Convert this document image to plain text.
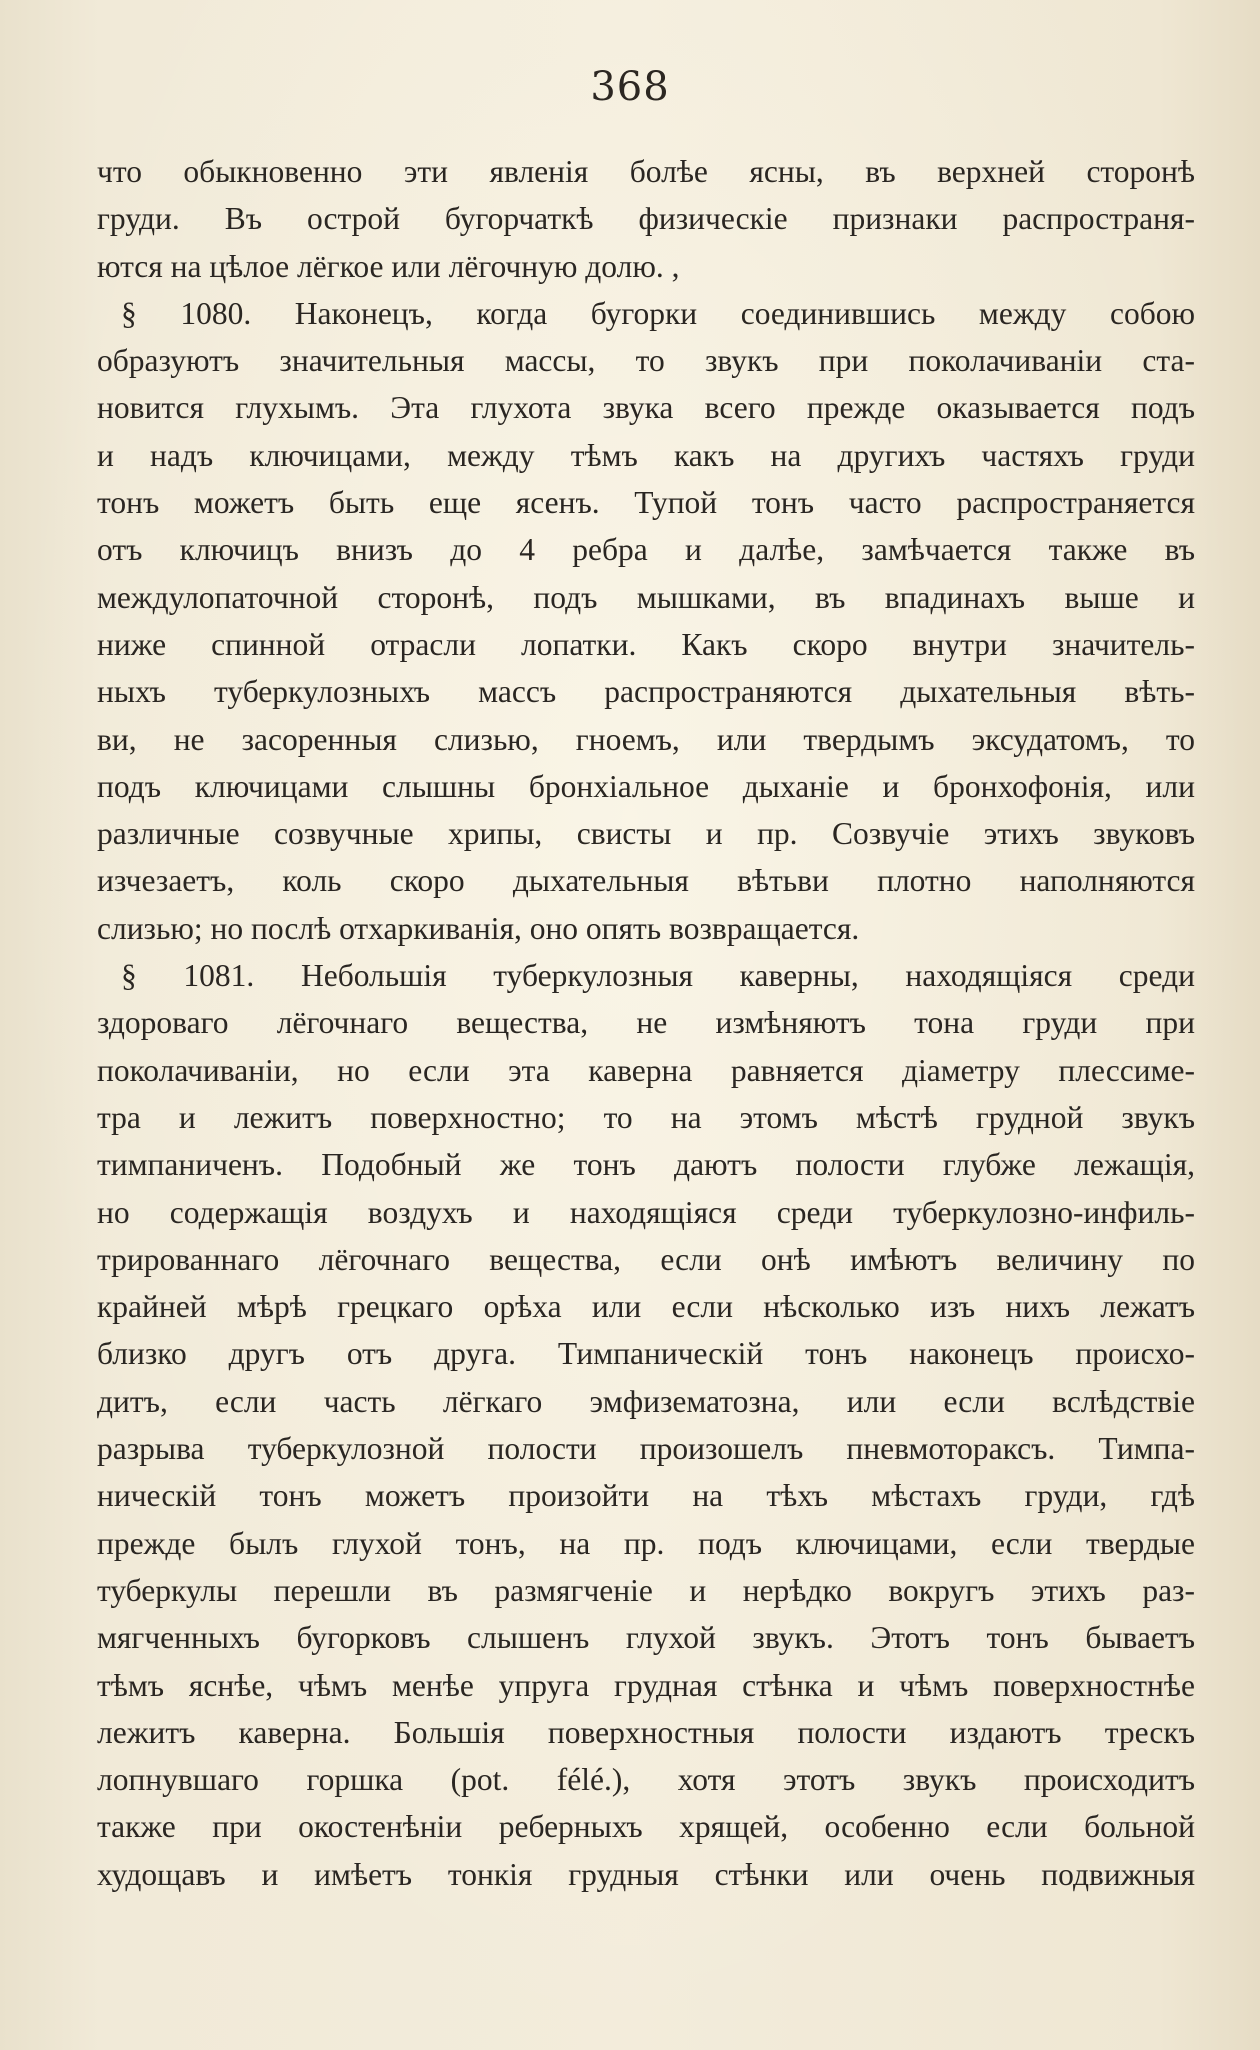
368
что обыкновенно эти явленія болѣе ясны, въ верхней сторонѣ
груди. Въ острой бугорчаткѣ физическіе признаки распространя-
ются на цѣлое лёгкое или лёгочную долю. ,
§ 1080. Наконецъ, когда бугорки соединившись между собою
образуютъ значительныя массы, то звукъ при поколачиваніи ста-
новится глухымъ. Эта глухота звука всего прежде оказывается подъ
и надъ ключицами, между тѣмъ какъ на другихъ частяхъ груди
тонъ можетъ быть еще ясенъ. Тупой тонъ часто распространяется
отъ ключицъ внизъ до 4 ребра и далѣе, замѣчается также въ
междулопаточной сторонѣ, подъ мышками, въ впадинахъ выше и
ниже спинной отрасли лопатки. Какъ скоро внутри значитель-
ныхъ туберкулозныхъ массъ распространяются дыхательныя вѣть-
ви, не засоренныя слизью, гноемъ, или твердымъ эксудатомъ, то
подъ ключицами слышны бронхіальное дыханіе и бронхофонія, или
различные созвучные хрипы, свисты и пр. Созвучіе этихъ звуковъ
изчезаетъ, коль скоро дыхательныя вѣтьви плотно наполняются
слизью; но послѣ отхаркиванія, оно опять возвращается.
§ 1081. Небольшія туберкулозныя каверны, находящіяся среди
здороваго лёгочнаго вещества, не измѣняютъ тона груди при
поколачиваніи, но если эта каверна равняется діаметру плессиме-
тра и лежитъ поверхностно; то на этомъ мѣстѣ грудной звукъ
тимпаниченъ. Подобный же тонъ даютъ полости глубже лежащія,
но содержащія воздухъ и находящіяся среди туберкулозно-инфиль-
трированнаго лёгочнаго вещества, если онѣ имѣютъ величину по
крайней мѣрѣ грецкаго орѣха или если нѣсколько изъ нихъ лежатъ
близко другъ отъ друга. Тимпаническій тонъ наконецъ происхо-
дитъ, если часть лёгкаго эмфизематозна, или если вслѣдствіе
разрыва туберкулозной полости произошелъ пневмотораксъ. Тимпа-
ническій тонъ можетъ произойти на тѣхъ мѣстахъ груди, гдѣ
прежде былъ глухой тонъ, на пр. подъ ключицами, если твердые
туберкулы перешли въ размягченіе и нерѣдко вокругъ этихъ раз-
мягченныхъ бугорковъ слышенъ глухой звукъ. Этотъ тонъ бываетъ
тѣмъ яснѣе, чѣмъ менѣе упруга грудная стѣнка и чѣмъ поверхностнѣе
лежитъ каверна. Большія поверхностныя полости издаютъ трескъ
лопнувшаго горшка (pot. félé.), хотя этотъ звукъ происходитъ
также при окостенѣніи реберныхъ хрящей, особенно если больной
худощавъ и имѣетъ тонкія грудныя стѣнки или очень подвижныя
